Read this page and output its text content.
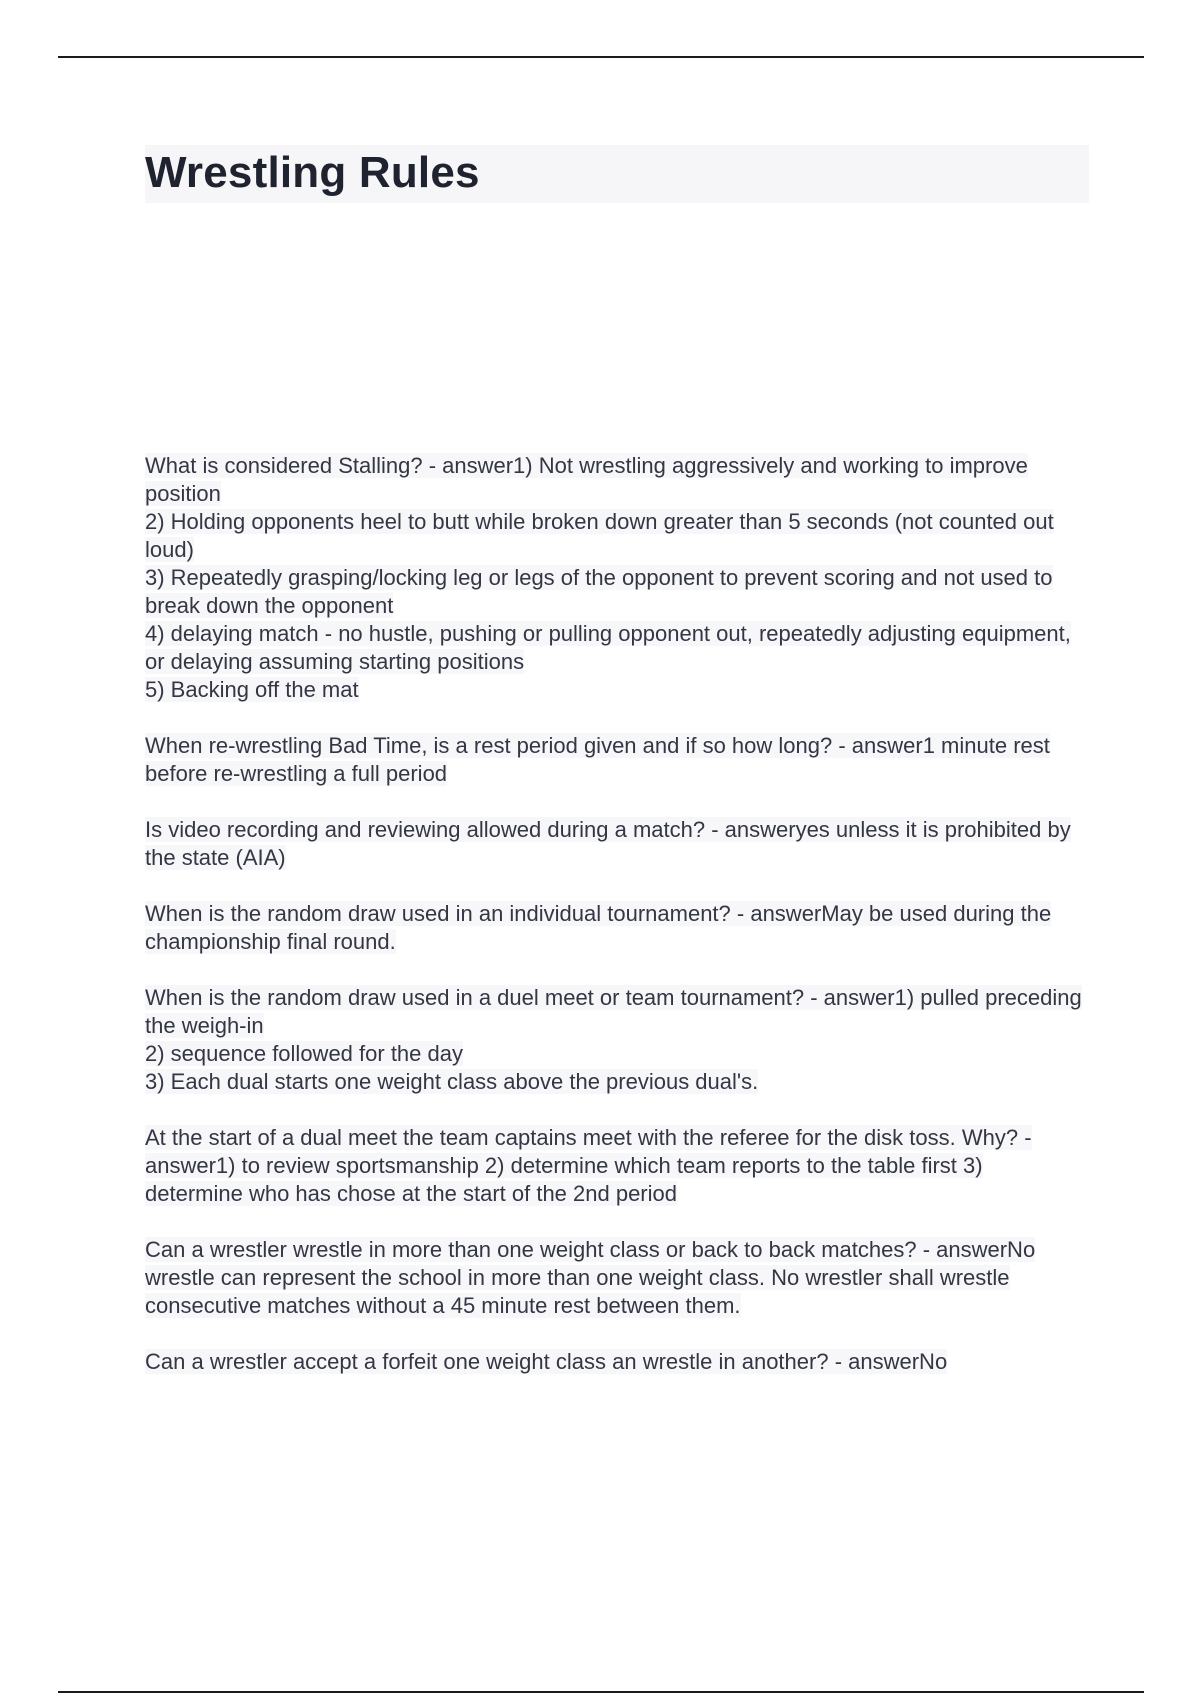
Wrestling Rules
What is considered Stalling? - answer1) Not wrestling aggressively and working to improve position
2) Holding opponents heel to butt while broken down greater than 5 seconds (not counted out loud)
3) Repeatedly grasping/locking leg or legs of the opponent to prevent scoring and not used to break down the opponent
4) delaying match - no hustle, pushing or pulling opponent out, repeatedly adjusting equipment, or delaying assuming starting positions
5) Backing off the mat
When re-wrestling Bad Time, is a rest period given and if so how long? - answer1 minute rest before re-wrestling a full period
Is video recording and reviewing allowed during a match? - answeryes unless it is prohibited by the state (AIA)
When is the random draw used in an individual tournament? - answerMay be used during the championship final round.
When is the random draw used in a duel meet or team tournament? - answer1) pulled preceding the weigh-in
2) sequence followed for the day
3) Each dual starts one weight class above the previous dual's.
At the start of a dual meet the team captains meet with the referee for the disk toss. Why? - answer1) to review sportsmanship 2) determine which team reports to the table first 3) determine who has chose at the start of the 2nd period
Can a wrestler wrestle in more than one weight class or back to back matches? - answerNo wrestle can represent the school in more than one weight class. No wrestler shall wrestle consecutive matches without a 45 minute rest between them.
Can a wrestler accept a forfeit one weight class an wrestle in another? - answerNo
